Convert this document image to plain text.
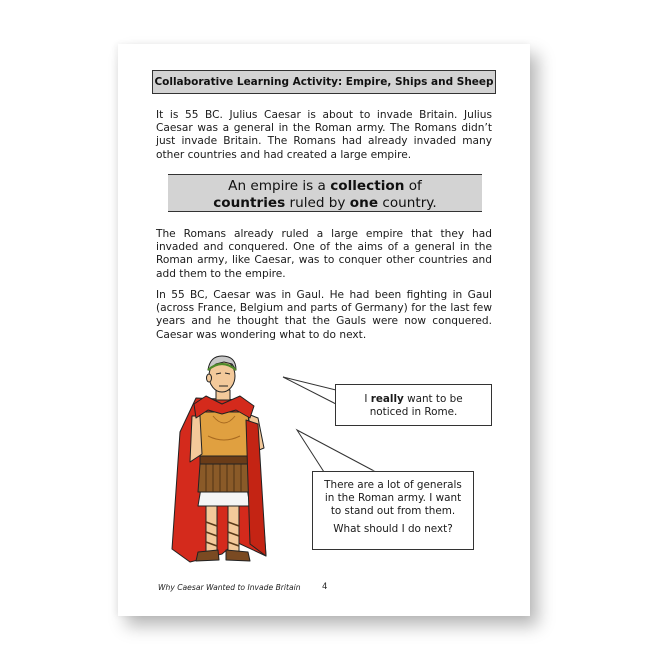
Collaborative Learning Activity: Empire, Ships and Sheep

It is 55 BC. Julius Caesar is about to invade Britain. Julius Caesar was a general in the Roman army. The Romans didn’t just invade Britain. The Romans had already invaded many other countries and had created a large empire.

An empire is a collection of
countries ruled by one country.

The Romans already ruled a large empire that they had invaded and conquered. One of the aims of a general in the Roman army, like Caesar, was to conquer other countries and add them to the empire.

In 55 BC, Caesar was in Gaul. He had been fighting in Gaul (across France, Belgium and parts of Germany) for the last few years and he thought that the Gauls were now conquered. Caesar was wondering what to do next.

I really want to be
noticed in Rome.
There are a lot of generals
in the Roman army. I want
to stand out from them.
What should I do next?
Why Caesar Wanted to Invade Britain	4
